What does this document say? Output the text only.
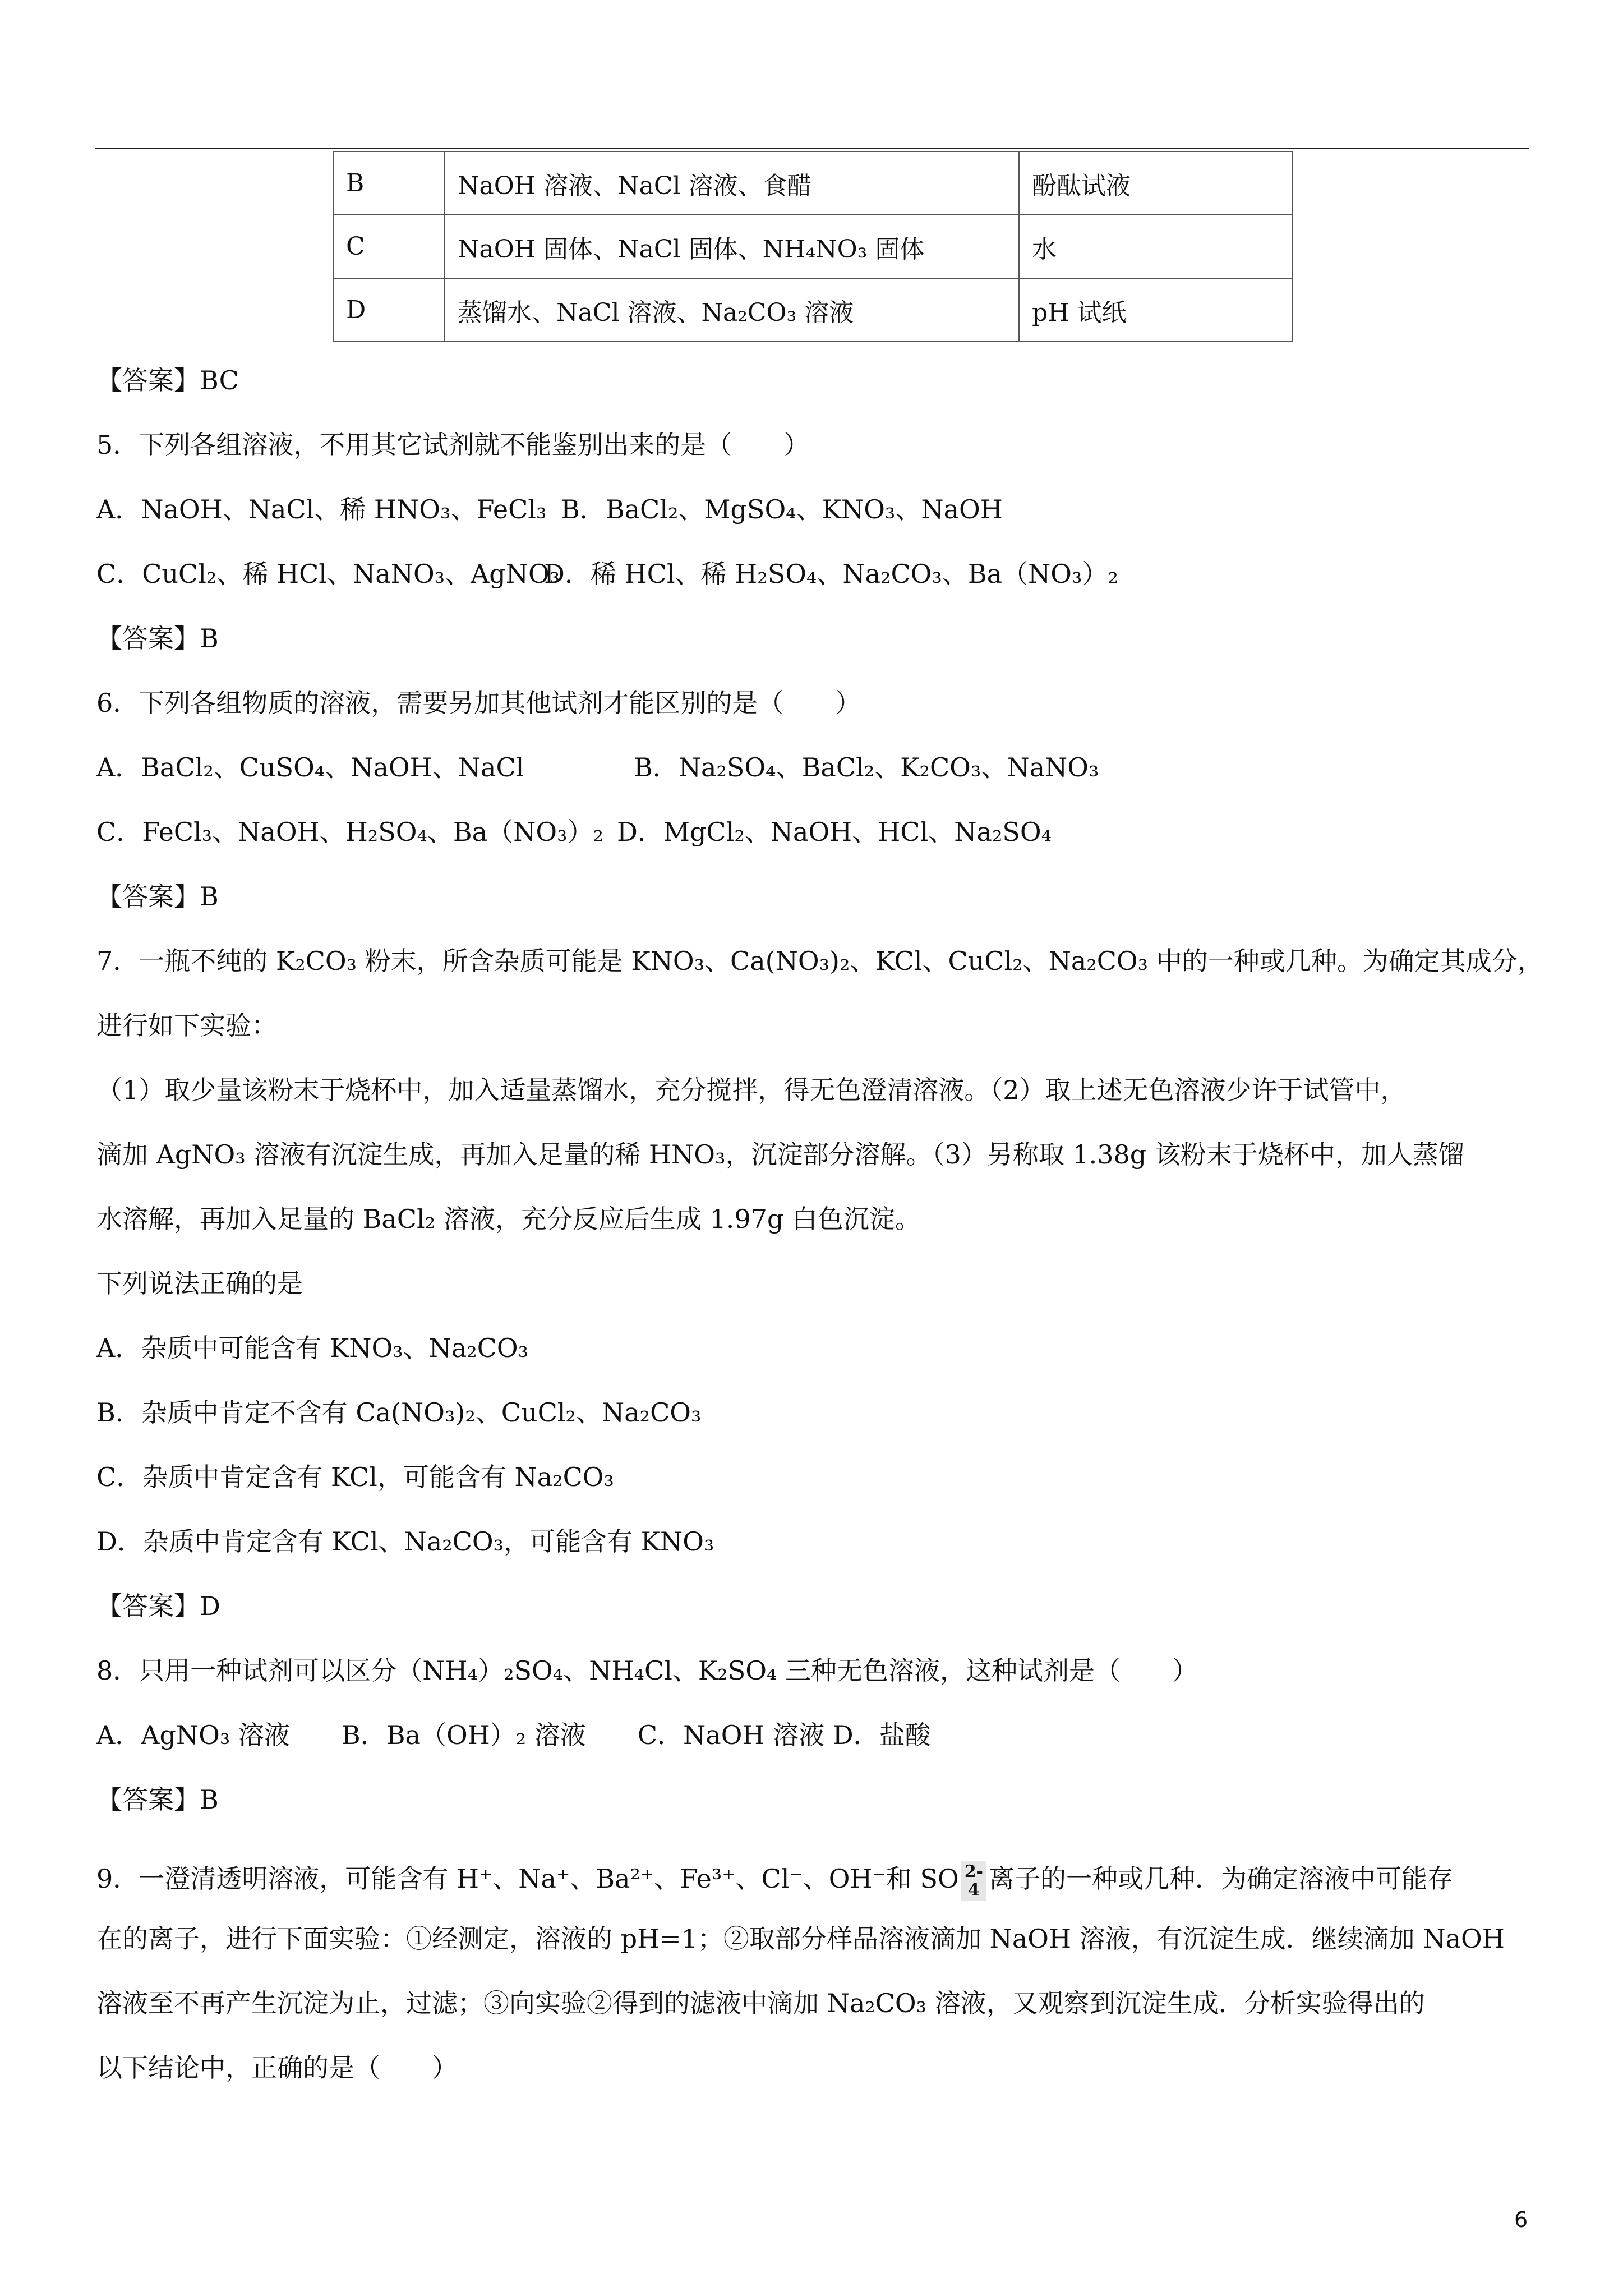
B	NaOH 溶液、NaCl 溶液、食醋	酚酞试液
C	NaOH 固体、NaCl 固体、NH₄NO₃ 固体	水
D	蒸馏水、NaCl 溶液、Na₂CO₃ 溶液	pH 试纸
【答案】BC
5．下列各组溶液，不用其它试剂就不能鉴别出来的是（　　）
A．NaOH、NaCl、稀 HNO₃、FeCl₃ B．BaCl₂、MgSO₄、KNO₃、NaOH
C．CuCl₂、稀 HCl、NaNO₃、AgNO₃
D．稀 HCl、稀 H₂SO₄、Na₂CO₃、Ba（NO₃）₂
【答案】B
6．下列各组物质的溶液，需要另加其他试剂才能区别的是（　　）
A．BaCl₂、CuSO₄、NaOH、NaCl	B．Na₂SO₄、BaCl₂、K₂CO₃、NaNO₃
C．FeCl₃、NaOH、H₂SO₄、Ba（NO₃）₂ D．MgCl₂、NaOH、HCl、Na₂SO₄
【答案】B
7．一瓶不纯的 K₂CO₃ 粉末，所含杂质可能是 KNO₃、Ca(NO₃)₂、KCl、CuCl₂、Na₂CO₃ 中的一种或几种。为确定其成分，
进行如下实验：
（1）取少量该粉末于烧杯中，加入适量蒸馏水，充分搅拌，得无色澄清溶液。（2）取上述无色溶液少许于试管中，
滴加 AgNO₃ 溶液有沉淀生成，再加入足量的稀 HNO₃，沉淀部分溶解。（3）另称取 1.38g 该粉末于烧杯中，加人蒸馏
水溶解，再加入足量的 BaCl₂ 溶液，充分反应后生成 1.97g 白色沉淀。
下列说法正确的是
A．杂质中可能含有 KNO₃、Na₂CO₃
B．杂质中肯定不含有 Ca(NO₃)₂、CuCl₂、Na₂CO₃
C．杂质中肯定含有 KCl，可能含有 Na₂CO₃
D．杂质中肯定含有 KCl、Na₂CO₃，可能含有 KNO₃
【答案】D
8．只用一种试剂可以区分（NH₄）₂SO₄、NH₄Cl、K₂SO₄ 三种无色溶液，这种试剂是（　　）
A．AgNO₃ 溶液　　B．Ba（OH）₂ 溶液　　C．NaOH 溶液 D．盐酸
【答案】B
9．一澄清透明溶液，可能含有 H⁺、Na⁺、Ba²⁺、Fe³⁺、Cl⁻、OH⁻和 SO 2-
4 离子的一种或几种．为确定溶液中可能存
在的离子，进行下面实验：①经测定，溶液的 pH=1；②取部分样品溶液滴加 NaOH 溶液，有沉淀生成．继续滴加 NaOH
溶液至不再产生沉淀为止，过滤；③向实验②得到的滤液中滴加 Na₂CO₃ 溶液，又观察到沉淀生成．分析实验得出的
以下结论中，正确的是（　　）
6
